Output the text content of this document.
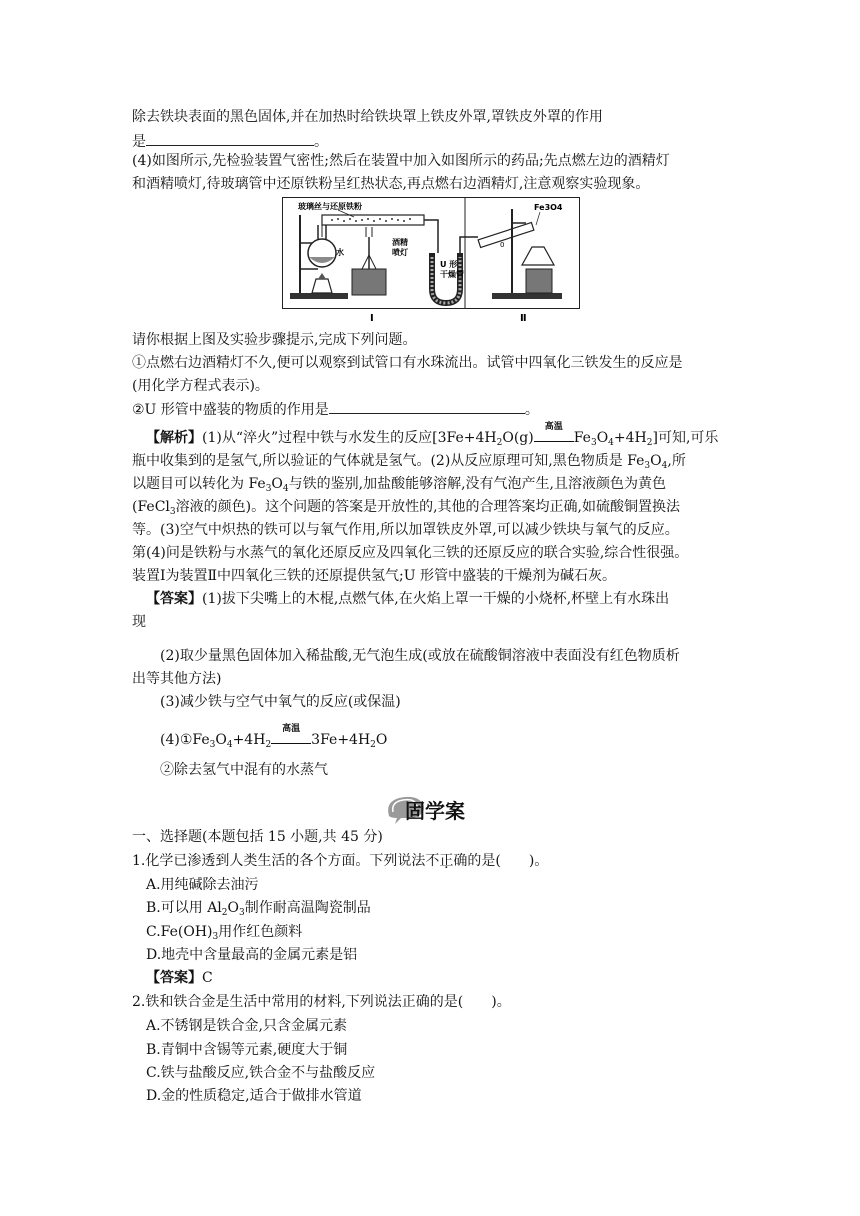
除去铁块表面的黑色固体,并在加热时给铁块罩上铁皮外罩,罩铁皮外罩的作用
是	。
(4)如图所示,先检验装置气密性;然后在装置中加入如图所示的药品;先点燃左边的酒精灯
和酒精喷灯,待玻璃管中还原铁粉呈红热状态,再点燃右边酒精灯,注意观察实验现象。
玻璃丝与还原铁粉
水
酒精
喷灯
U 形
干燥管
Fe3O4
0
I	Ⅱ
请你根据上图及实验步骤提示,完成下列问题。
①点燃右边酒精灯不久,便可以观察到试管口有水珠流出。试管中四氧化三铁发生的反应是
(用化学方程式表示)。
②U 形管中盛装的物质的作用是	。
【解析】(1)从“淬火”过程中铁与水发生的反应[$3Fe+4H_2O(g)$
高温
$Fe_3O_4+4H_2$]可知,可乐
瓶中收集到的是氢气,所以验证的气体就是氢气。(2)从反应原理可知,黑色物质是 $Fe_3O_4$,所
以题目可以转化为 $Fe_3O_4$与铁的鉴别,加盐酸能够溶解,没有气泡产生,且溶液颜色为黄色
(FeCl$_3$溶液的颜色)。这个问题的答案是开放性的,其他的合理答案均正确,如硫酸铜置换法
等。(3)空气中炽热的铁可以与氧气作用,所以加罩铁皮外罩,可以减少铁块与氧气的反应。
第(4)问是铁粉与水蒸气的氧化还原反应及四氧化三铁的还原反应的联合实验,综合性很强。
装置Ⅰ为装置Ⅱ中四氧化三铁的还原提供氢气;U 形管中盛装的干燥剂为碱石灰。
【答案】(1)拔下尖嘴上的木棍,点燃气体,在火焰上罩一干燥的小烧杯,杯壁上有水珠出
现
(2)取少量黑色固体加入稀盐酸,无气泡生成(或放在硫酸铜溶液中表面没有红色物质析
出等其他方法)
(3)减少铁与空气中氧气的反应(或保温)
$(4)①Fe_3O_4+4H_2$
高温
$3Fe+4H_2O$
②除去氢气中混有的水蒸气
固学案
一、选择题(本题包括 15 小题,共 45 分)
1.化学已渗透到人类生活的各个方面。下列说法不正确的是(　　)。
A.用纯碱除去油污
B.可以用 $Al_2O_3$制作耐高温陶瓷制品
$C.Fe(OH)_3$用作红色颜料
D.地壳中含量最高的金属元素是铝
【答案】C
2.铁和铁合金是生活中常用的材料,下列说法正确的是(　　)。
A.不锈钢是铁合金,只含金属元素
B.青铜中含锡等元素,硬度大于铜
C.铁与盐酸反应,铁合金不与盐酸反应
D.金的性质稳定,适合于做排水管道
